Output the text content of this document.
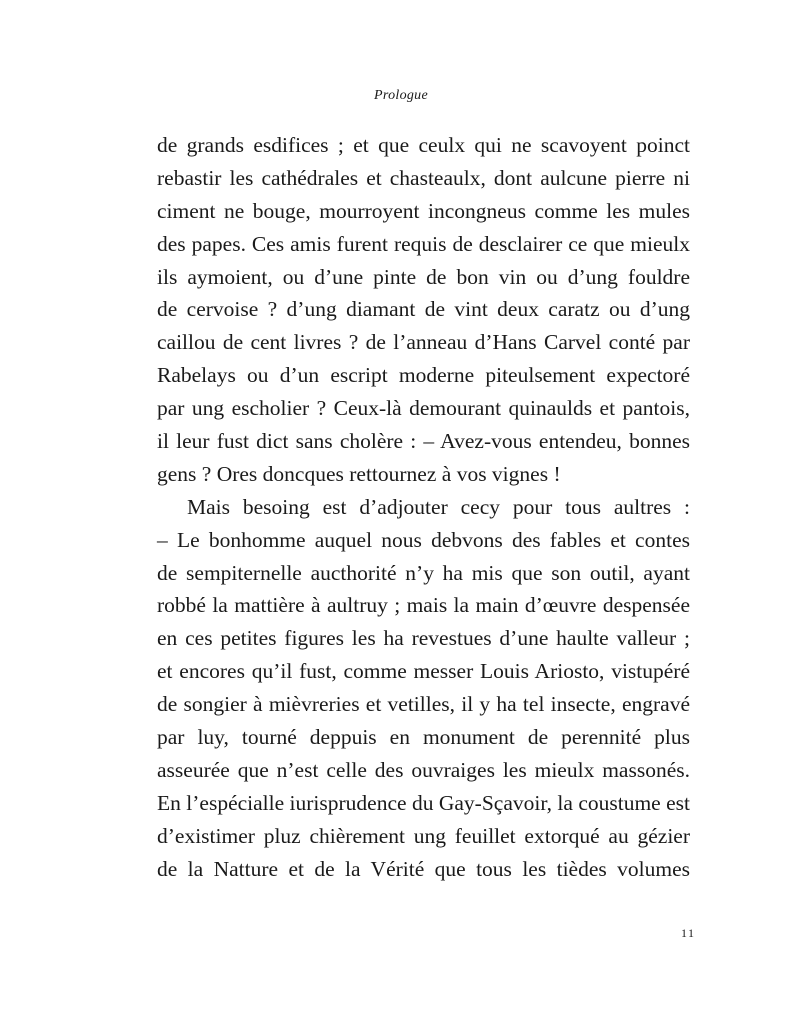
Prologue
de grands esdifices ; et que ceulx qui ne scavoyent poinct
rebastir les cathédrales et chasteaulx, dont aulcune pierre ni
ciment ne bouge, mourroyent incongneus comme les mules
des papes. Ces amis furent requis de desclairer ce que mieulx
ils aymoient, ou d’une pinte de bon vin ou d’ung fouldre
de cervoise ? d’ung diamant de vint deux caratz ou d’ung
caillou de cent livres ? de l’anneau d’Hans Carvel conté par
Rabelays ou d’un escript moderne piteulsement expectoré
par ung escholier ? Ceux-là demourant quinaulds et pantois,
il leur fust dict sans cholère : – Avez-vous entendeu, bonnes
gens ? Ores doncques rettournez à vos vignes !
Mais besoing est d’adjouter cecy pour tous aultres :
– Le bonhomme auquel nous debvons des fables et contes
de sempiternelle aucthorité n’y ha mis que son outil, ayant
robbé la mattière à aultruy ; mais la main d’œuvre despensée
en ces petites figures les ha revestues d’une haulte valleur ;
et encores qu’il fust, comme messer Louis Ariosto, vistupéré
de songier à mièvreries et vetilles, il y ha tel insecte, engravé
par luy, tourné deppuis en monument de perennité plus
asseurée que n’est celle des ouvraiges les mieulx massonés.
En l’espécialle iurisprudence du Gay-Sçavoir, la coustume est
d’existimer pluz chièrement ung feuillet extorqué au gézier
de la Natture et de la Vérité que tous les tièdes volumes
11
